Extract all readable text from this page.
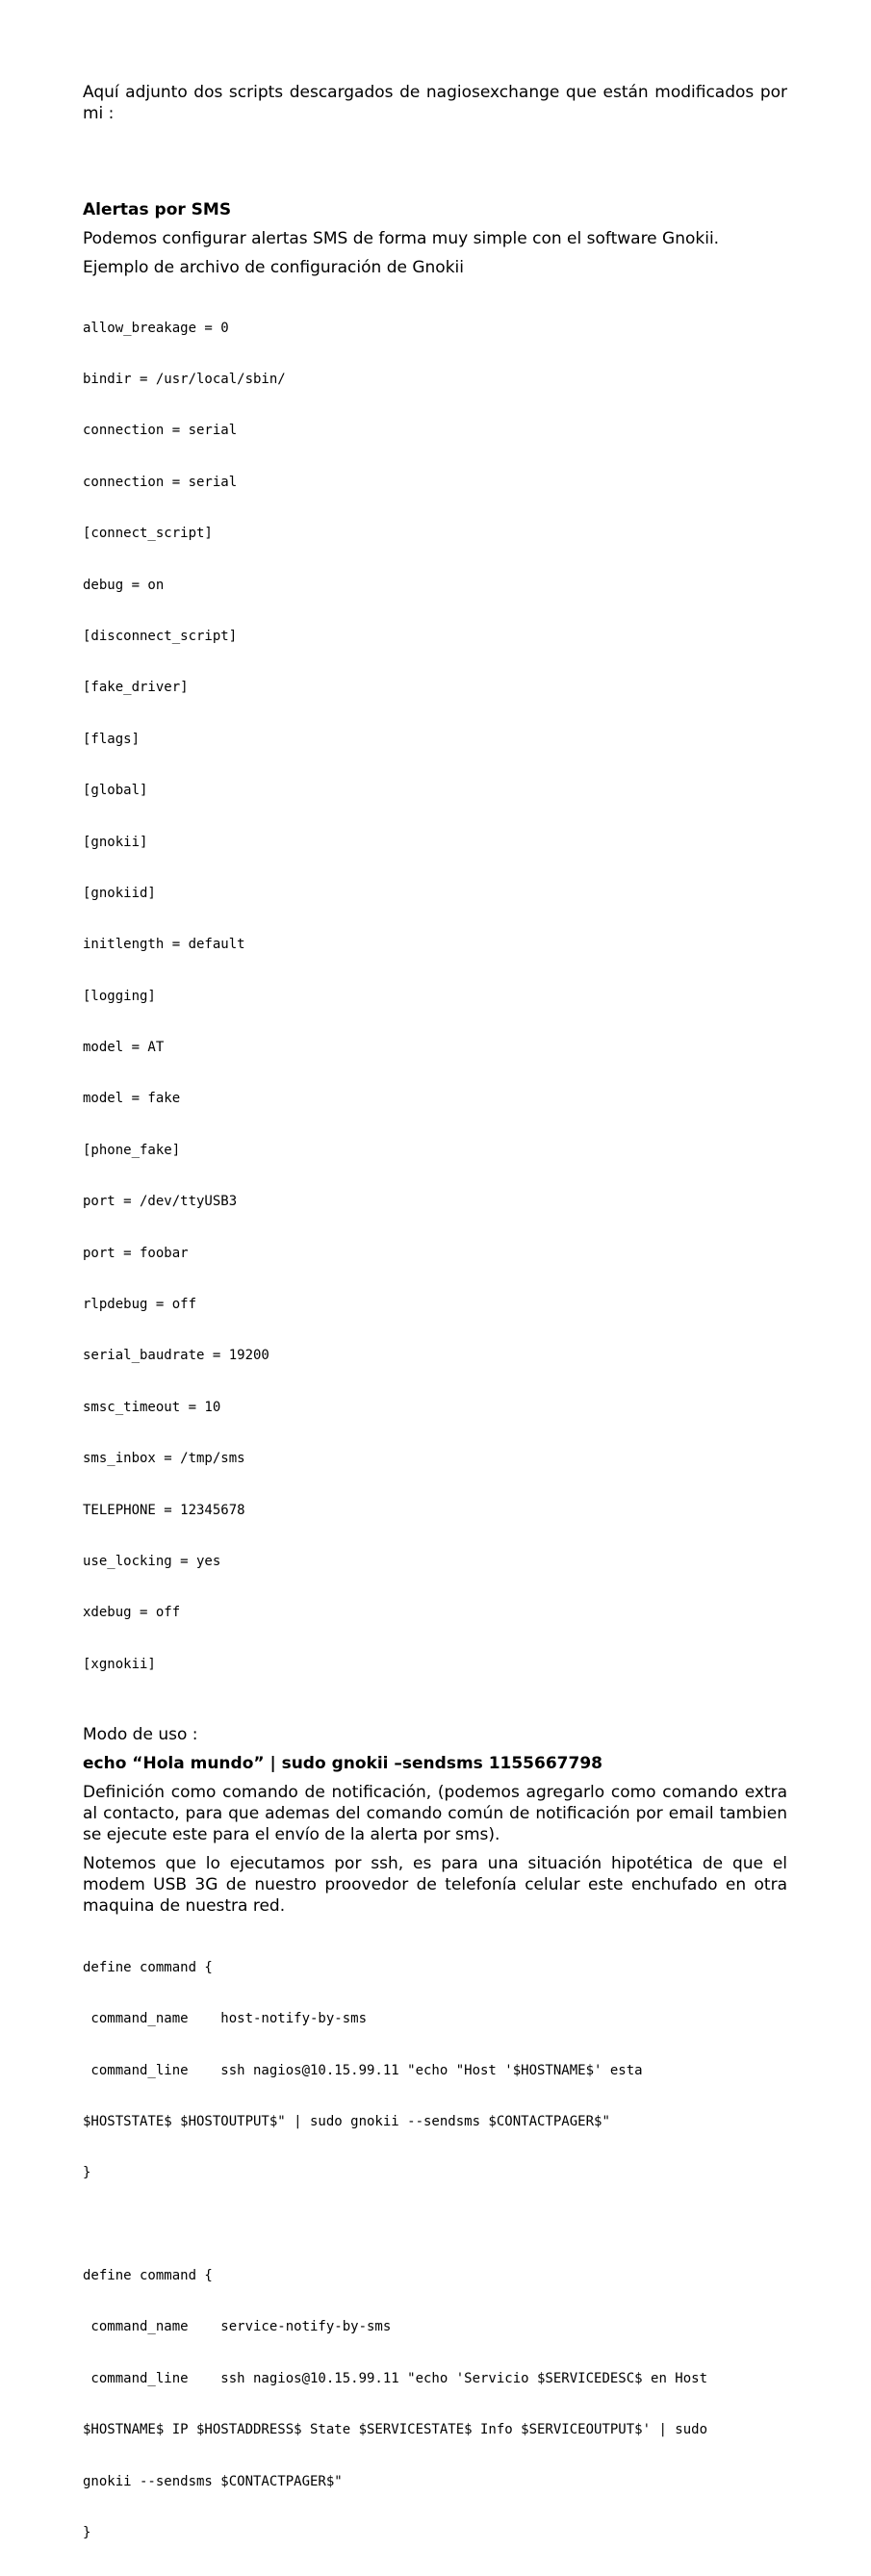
Aquí adjunto dos scripts descargados de nagiosexchange que están modificados por mi :

Alertas por SMS

Podemos configurar alertas SMS de forma muy simple con el software Gnokii.

Ejemplo de archivo de configuración de Gnokii

allow_breakage = 0

bindir = /usr/local/sbin/

connection = serial

connection = serial

[connect_script]

debug = on

[disconnect_script]

[fake_driver]

[flags]

[global]

[gnokii]

[gnokiid]

initlength = default

[logging]

model = AT

model = fake

[phone_fake]

port = /dev/ttyUSB3

port = foobar

rlpdebug = off

serial_baudrate = 19200

smsc_timeout = 10

sms_inbox = /tmp/sms

TELEPHONE = 12345678

use_locking = yes

xdebug = off

[xgnokii]

Modo de uso :

echo “Hola mundo” | sudo gnokii –sendsms 1155667798

Definición como comando de notificación, (podemos agregarlo como comando extra al contacto, para que ademas del comando común de notificación por email tambien se ejecute este para el envío de la alerta por sms).

Notemos que lo ejecutamos por ssh, es para una situación hipotética de que el modem USB 3G de nuestro proovedor de telefonía celular este enchufado en otra maquina de nuestra red.

define command {

command_name    host-notify-by-sms

command_line    ssh nagios@10.15.99.11 "echo "Host '$HOSTNAME$' esta

$HOSTSTATE$ $HOSTOUTPUT$" | sudo gnokii --sendsms $CONTACTPAGER$"

}

define command {

command_name    service-notify-by-sms

command_line    ssh nagios@10.15.99.11 "echo 'Servicio $SERVICEDESC$ en Host

$HOSTNAME$ IP $HOSTADDRESS$ State $SERVICESTATE$ Info $SERVICEOUTPUT$' | sudo

gnokii --sendsms $CONTACTPAGER$"

}
